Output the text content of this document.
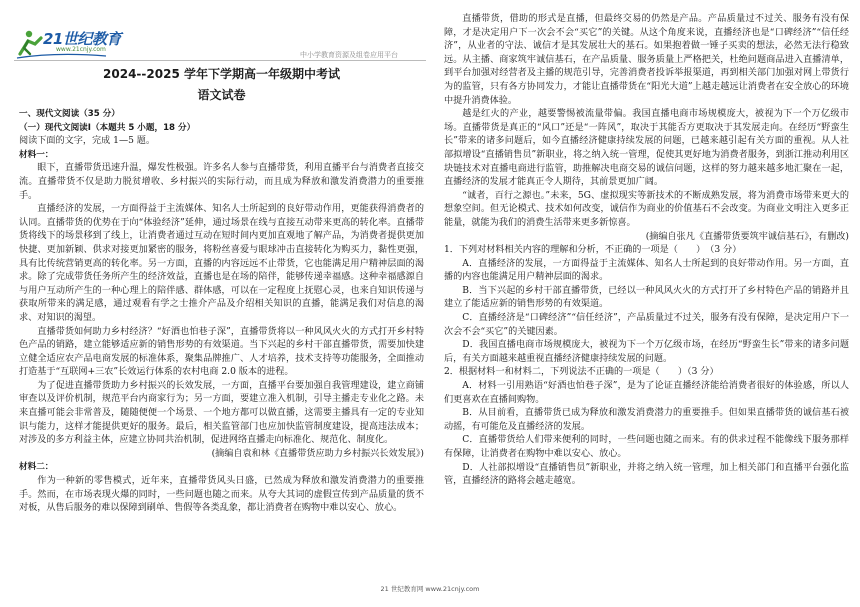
21世纪教育
www.21cnjy.com
中小学教育资源及组卷应用平台
2024--2025 学年下学期高一年级期中考试
语文试卷

一、现代文阅读（35 分）

（一）现代文阅读Ⅰ（本题共 5 小题，18 分）

阅读下面的文字，完成 1—5 题。

材料一：

眼下，直播带货迅速升温，爆发性极强。许多名人参与直播带货，利用直播平台与消费者直接交流。直播带货不仅是助力脱贫增收、乡村振兴的实际行动，而且成为释放和激发消费潜力的重要推手。

直播经济的发展，一方面得益于主流媒体、知名人士所起到的良好带动作用，更能获得消费者的认同。直播带货的优势在于向“体验经济”延伸，通过场景在线与直接互动带来更高的转化率。直播带货将线下的场景移到了线上，让消费者通过互动在短时间内更加直观地了解产品，为消费者提供更加快捷、更加新颖、供求对接更加紧密的服务，将粉丝喜爱与眼球冲击直接转化为购买力，黏性更强，具有比传统营销更高的转化率。另一方面，直播的内容远远不止带货，它也能满足用户精神层面的渴求。除了完成带货任务所产生的经济效益，直播也是在场的陪伴，能够传递幸福感。这种幸福感源自与用户互动所产生的一种心理上的陪伴感、群体感，可以在一定程度上抚慰心灵，也来自知识传递与获取所带来的满足感，通过观看有学之士推介产品及介绍相关知识的直播，能满足我们对信息的渴求、对知识的渴望。

直播带货如何助力乡村经济？“好酒也怕巷子深”，直播带货将以一种风风火火的方式打开乡村特色产品的销路，建立能够适应新的销售形势的有效渠道。当下兴起的乡村干部直播带货，需要加快建立健全适应农产品电商发展的标准体系，聚集品牌推广、人才培养，技术支持等功能服务，全面推动打造基于“互联网+三农”长效运行体系的农村电商 2.0 版本的进程。

为了促进直播带货助力乡村振兴的长效发展，一方面，直播平台要加强自我管理建设，建立商铺审查以及评价机制，规范平台内商家行为；另一方面，要建立准入机制，引导主播走专业化之路。未来直播可能会非常普及，随随便便一个场景、一个地方都可以做直播，这需要主播具有一定的专业知识与能力，这样才能提供更好的服务。最后，相关监管部门也应加快监管制度建设，提高违法成本；对涉及的多方利益主体，应建立协同共治机制，促进网络直播走向标准化、规范化、制度化。

(摘编自袁和林《直播带货应助力乡村振兴长效发展》)

材料二：

作为一种新的零售模式，近年来，直播带货风头日盛，已然成为释放和激发消费潜力的重要推手。然而，在市场表现火爆的同时，一些问题也随之而来。从夸大其词的虚假宣传到产品质量的货不对板，从售后服务的难以保障到刷单、售假等各类乱象，都让消费者在购物中难以安心、放心。

直播带货，借助的形式是直播，但最终交易的仍然是产品。产品质量过不过关、服务有没有保障，才是决定用户下一次会不会“买它”的关键。从这个角度来说，直播经济也是“口碑经济”“信任经济”，从业者的守法、诚信才是其发展壮大的基石。如果抱着做一锤子买卖的想法，必然无法行稳致远。从主播、商家筑牢诚信基石，在产品质量、服务质量上严格把关，杜绝问题商品进入直播清单，到平台加强对经营者及主播的规范引导，完善消费者投诉举报渠道，再到相关部门加强对网上带货行为的监管，只有各方协同发力，才能让直播带货在“阳光大道”上越走越远让消费者在安全放心的环境中提升消费体验。

越是红火的产业，越要警惕被流量带偏。我国直播电商市场规模庞大，被视为下一个万亿级市场。直播带货是真正的“风口”还是“一阵风”，取决于其能否方更取决于其发展走向。在经历“野蛮生长”带来的诸多问题后，如今直播经济健康持续发展的问题，已越来越引起有关方面的重视。从人社部拟增设“直播销售员”新职业，将之纳入统一管理，促使其更好地为消费者服务，到浙江推动利用区块链技术对直播电商进行监管，助推解决电商交易的诚信问题，这样的努力越来越多地汇聚在一起，直播经济的发展才能真正令人期待，其前景更加广阔。

“诚者，百行之源也。”未来，5G、虚拟现实等新技术的不断成熟发展，将为消费市场带来更大的想象空间。但无论模式、技术如何改变，诚信作为商业的价值基石不会改变。为商业文明注入更多正能量，就能为我们的消费生活带来更多新惊喜。

(摘编自张凡《直播带货要筑牢诚信基石》，有删改)

1．下列对材料相关内容的理解和分析，不正确的一项是（　　）　（3 分）

A．直播经济的发展，一方面得益于主流媒体、知名人士所起到的良好带动作用。另一方面，直播的内容也能满足用户精神层面的渴求。

B．当下兴起的乡村干部直播带货，已经以一种风风火火的方式打开了乡村特色产品的销路并且建立了能适应新的销售形势的有效渠道。

C．直播经济是“口碑经济”“信任经济”，产品质量过不过关，服务有没有保障，是决定用户下一次会不会“买它”的关键因素。

D．我国直播电商市场规模庞大，被视为下一个万亿级市场，在经历“野蛮生长”带来的诸多问题后，有关方面越来越重视直播经济健康持续发展的问题。

2．根据材料一和材料二，下列说法不正确的一项是（　　）（3 分）

A．材料一引用熟语“好酒也怕巷子深”，是为了论证直播经济能给消费者很好的体验感，所以人们更喜欢在直播间购物。

B．从目前看，直播带货已成为释放和激发消费潜力的重要推手。但如果直播带货的诚信基石被动摇，有可能危及直播经济的发展。

C．直播带货给人们带来便利的同时，一些问题也随之而来。有的供求过程不能像线下服务那样有保障，让消费者在购物中难以安心、放心。

D．人社部拟增设“直播销售员”新职业，并将之纳入统一管理，加上相关部门和直播平台强化监管，直播经济的路将会越走越宽。

21 世纪教育网 www.21cnjy.com
